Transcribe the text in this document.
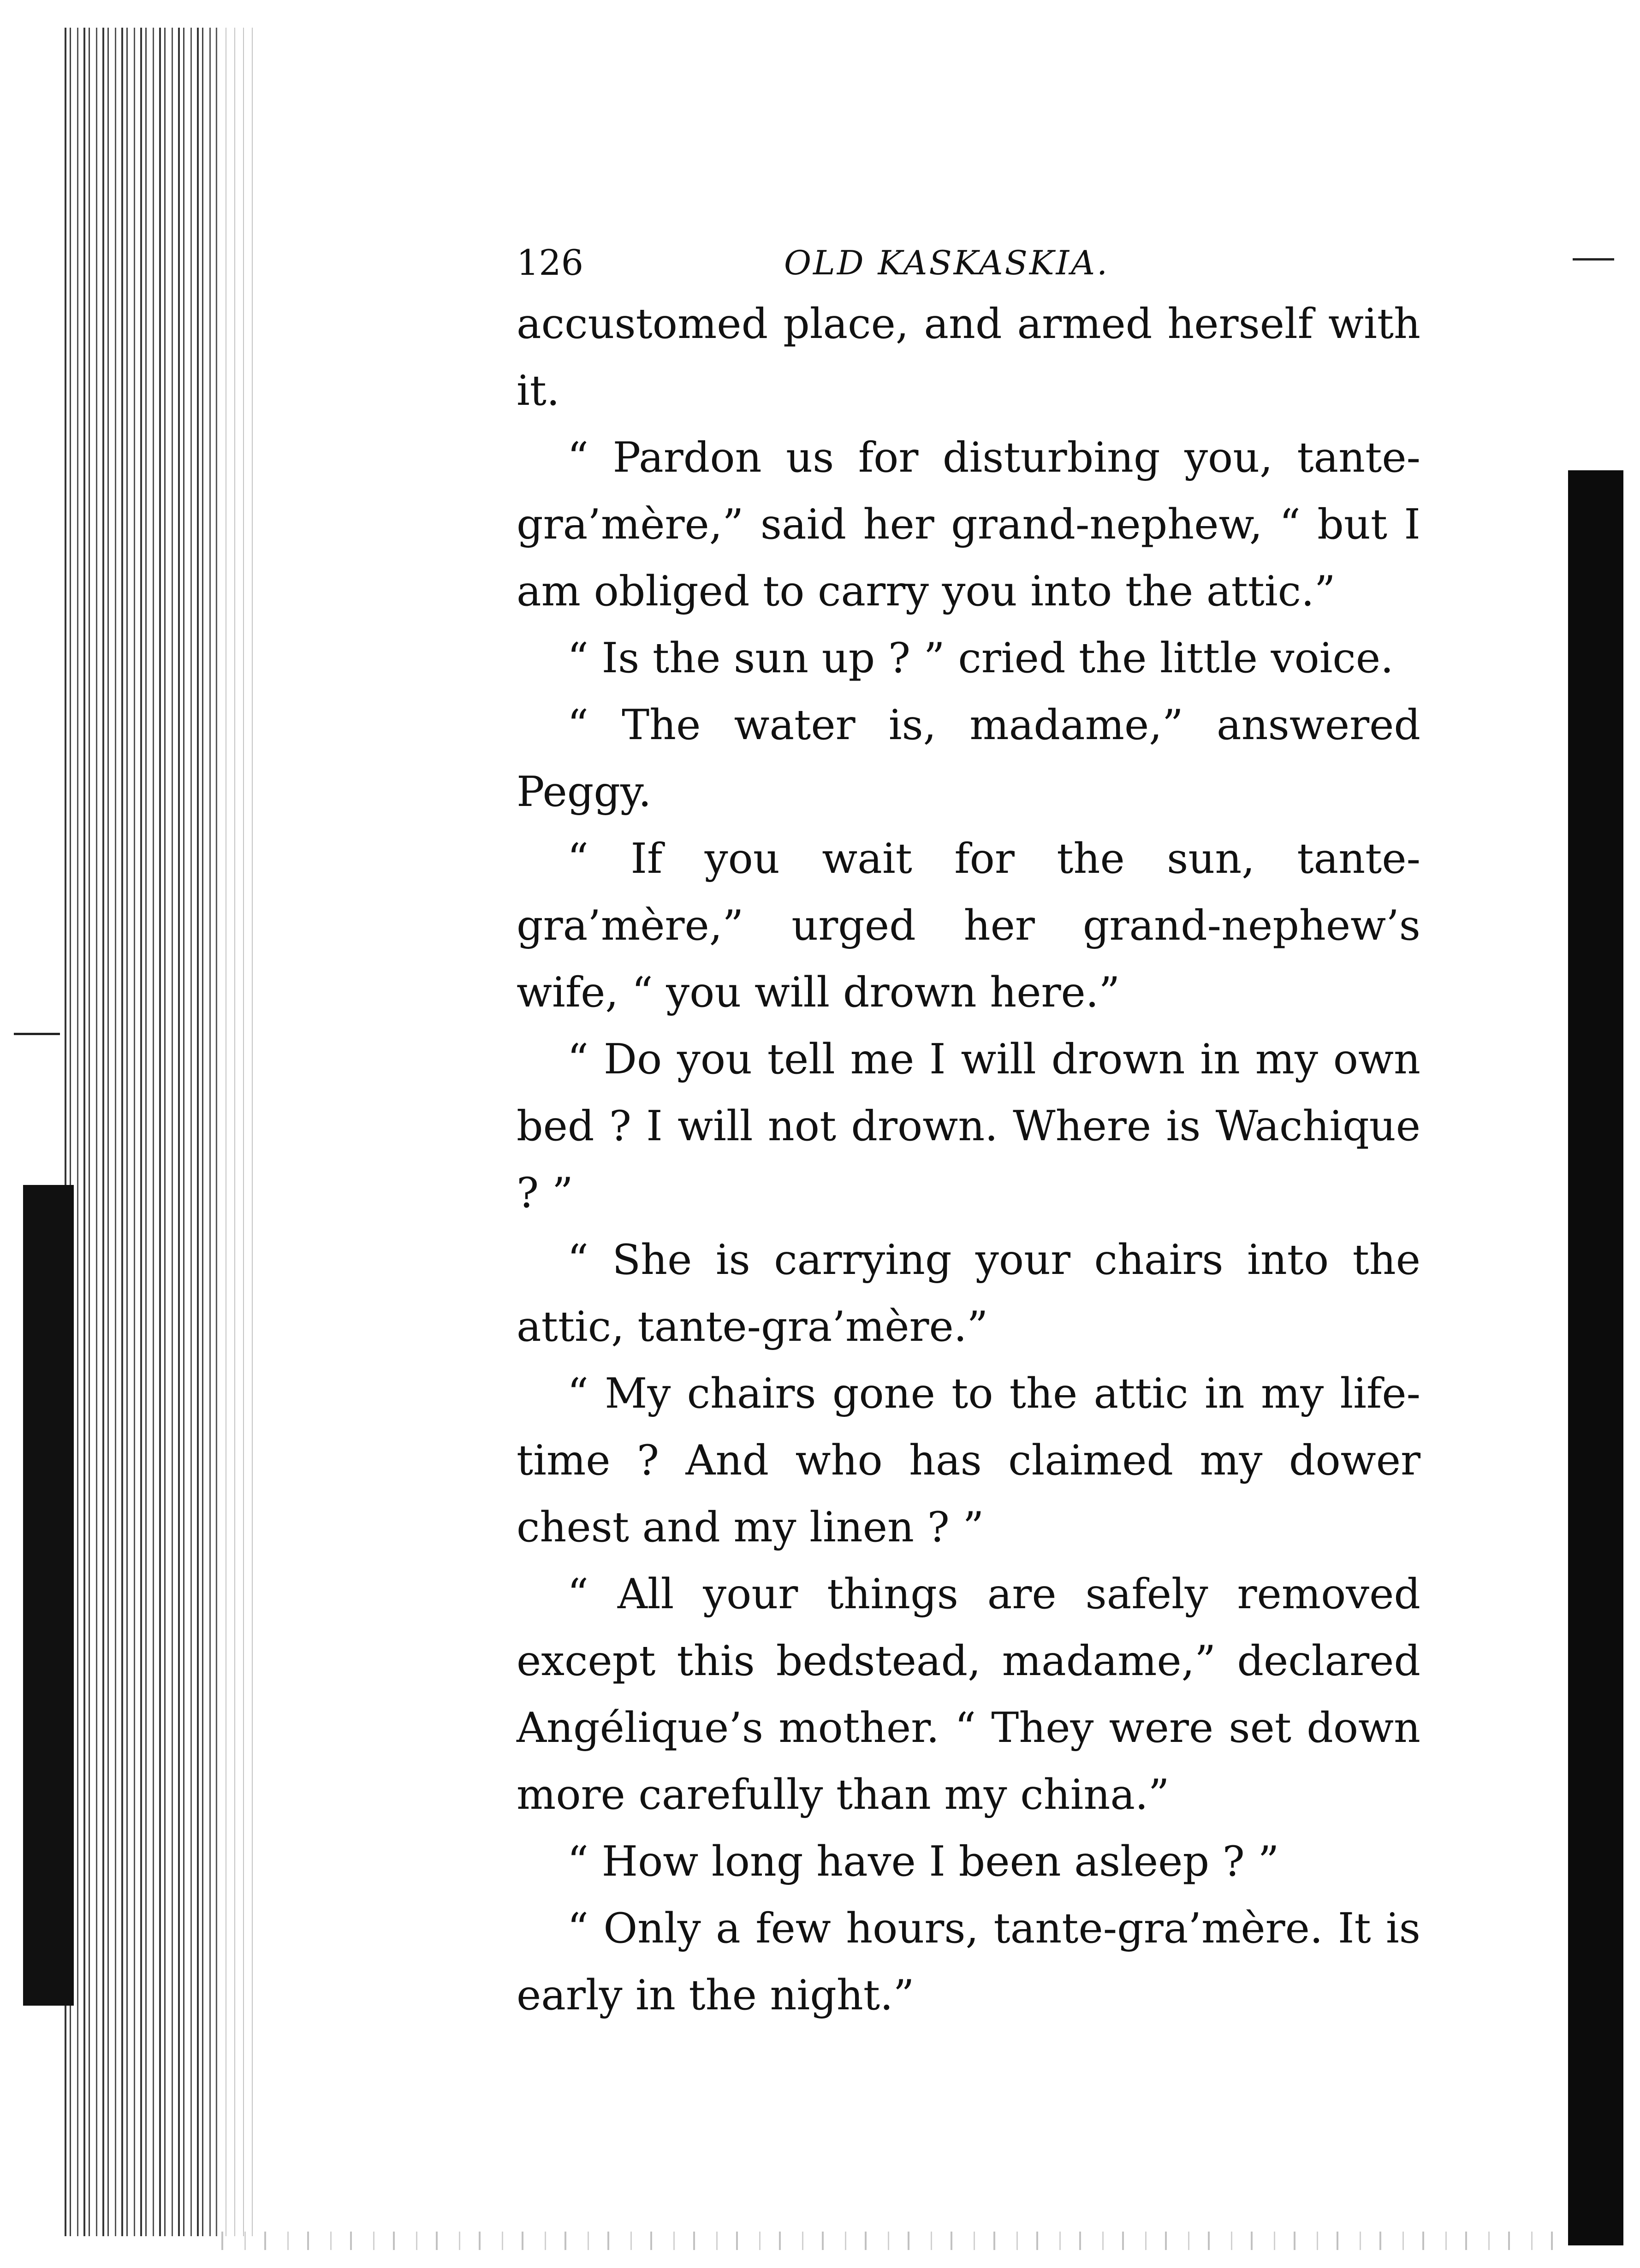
126	OLD KASKASKIA.

accustomed place, and armed herself with it.

“ Pardon us for disturbing you, tante-gra’mère,” said her grand-nephew, “ but I am obliged to carry you into the attic.”

“ Is the sun up ? ” cried the little voice.

“ The water is, madame,” answered Peggy.

“ If you wait for the sun, tante-gra’mère,” urged her grand-nephew’s wife, “ you will drown here.”

“ Do you tell me I will drown in my own bed ? I will not drown. Where is Wachique ? ”

“ She is carrying your chairs into the attic, tante-gra’mère.”

“ My chairs gone to the attic in my life-time ? And who has claimed my dower chest and my linen ? ”

“ All your things are safely removed except this bedstead, madame,” declared Angélique’s mother. “ They were set down more carefully than my china.”

“ How long have I been asleep ? ”

“ Only a few hours, tante-gra’mère. It is early in the night.”
